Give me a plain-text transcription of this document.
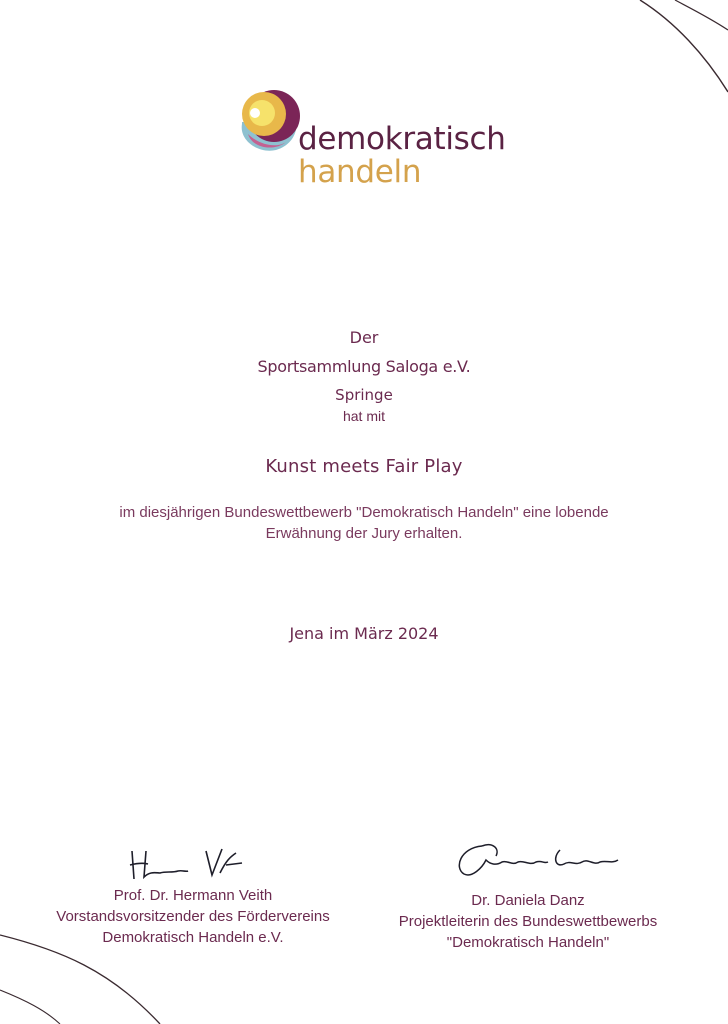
demokratisch
handeln
Der
Sportsammlung Saloga e.V.
Springe
hat mit
Kunst meets Fair Play
im diesjährigen Bundeswettbewerb "Demokratisch Handeln" eine lobende
Erwähnung der Jury erhalten.
Jena im März 2024
Prof. Dr. Hermann Veith
Vorstandsvorsitzender des Fördervereins
Demokratisch Handeln e.V.
Dr. Daniela Danz
Projektleiterin des Bundeswettbewerbs
"Demokratisch Handeln"
